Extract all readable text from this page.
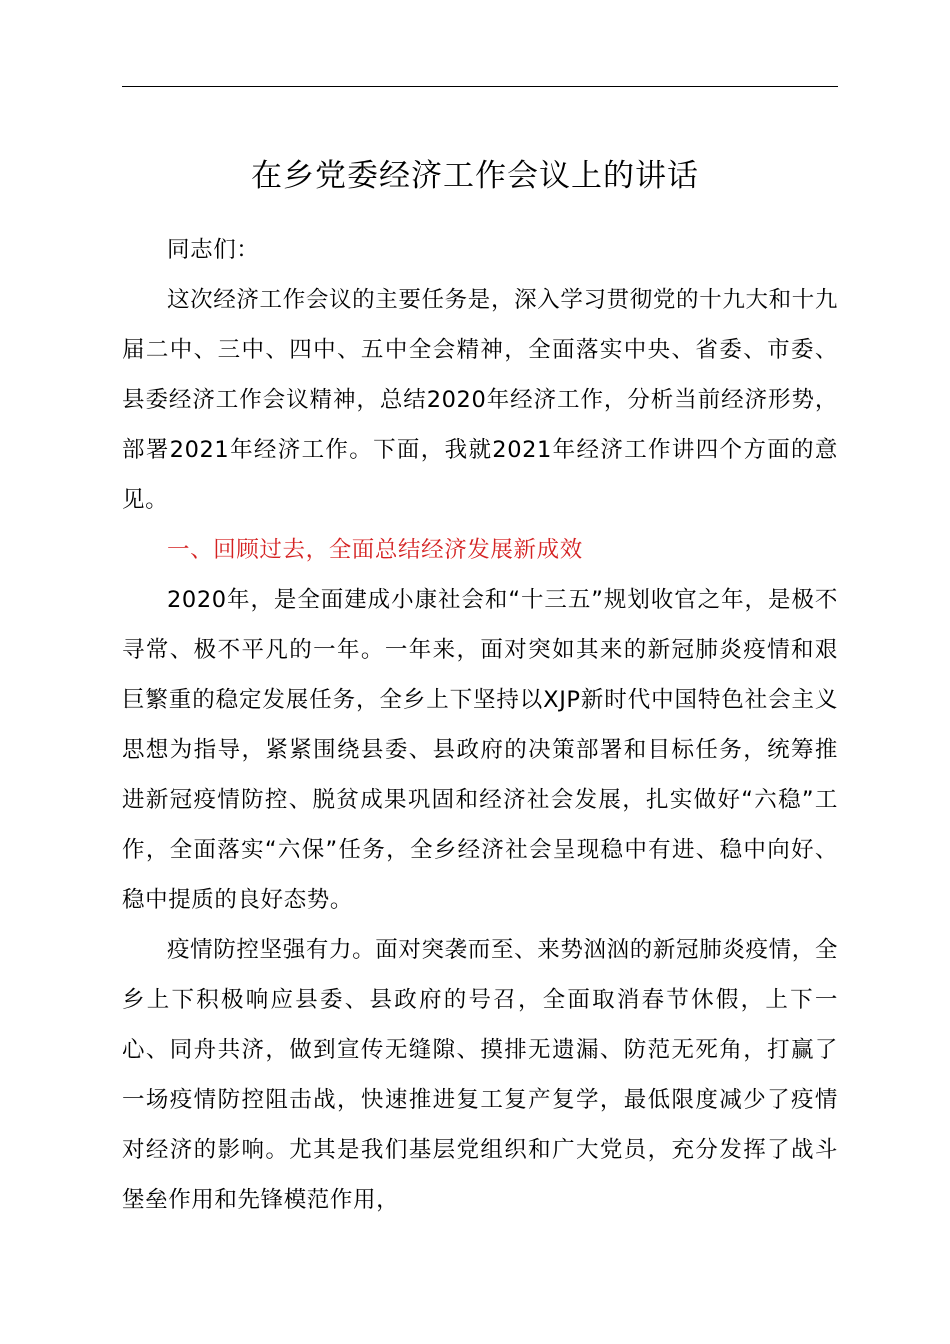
在乡党委经济工作会议上的讲话

同志们：

这次经济工作会议的主要任务是，深入学习贯彻党的十九大和十九届二中、三中、四中、五中全会精神，全面落实中央、省委、市委、县委经济工作会议精神，总结2020年经济工作，分析当前经济形势，部署2021年经济工作。下面，我就2021年经济工作讲四个方面的意见。

一、回顾过去，全面总结经济发展新成效

2020年，是全面建成小康社会和“十三五”规划收官之年，是极不寻常、极不平凡的一年。一年来，面对突如其来的新冠肺炎疫情和艰巨繁重的稳定发展任务，全乡上下坚持以XJP新时代中国特色社会主义思想为指导，紧紧围绕县委、县政府的决策部署和目标任务，统筹推进新冠疫情防控、脱贫成果巩固和经济社会发展，扎实做好“六稳”工作，全面落实“六保”任务，全乡经济社会呈现稳中有进、稳中向好、稳中提质的良好态势。

疫情防控坚强有力。面对突袭而至、来势汹汹的新冠肺炎疫情，全乡上下积极响应县委、县政府的号召，全面取消春节休假，上下一心、同舟共济，做到宣传无缝隙、摸排无遗漏、防范无死角，打赢了一场疫情防控阻击战，快速推进复工复产复学，最低限度减少了疫情对经济的影响。尤其是我们基层党组织和广大党员，充分发挥了战斗堡垒作用和先锋模范作用，
